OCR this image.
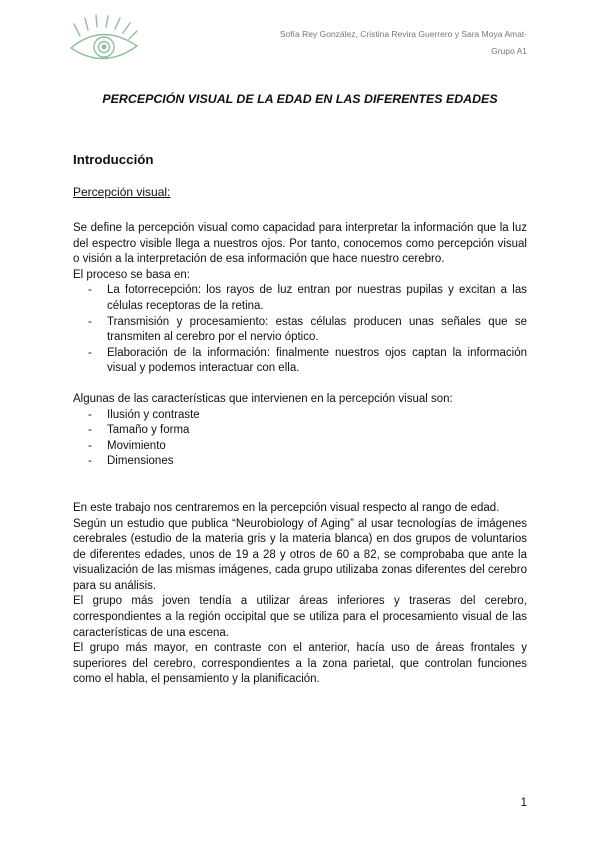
Sofía Rey González, Cristina Revira Guerrero y Sara Moya Amat-
Grupo A1
PERCEPCIÓN VISUAL DE LA EDAD EN LAS DIFERENTES EDADES
Introducción
Percepción visual:

Se define la percepción visual como capacidad para interpretar la información que la luz del espectro visible llega a nuestros ojos. Por tanto, conocemos como percepción visual o visión a la interpretación de esa información que hace nuestro cerebro.

El proceso se basa en:

- La fotorrecepción: los rayos de luz entran por nuestras pupilas y excitan a las células receptoras de la retina.
- Transmisión y procesamiento: estas células producen unas señales que se transmiten al cerebro por el nervio óptico.
- Elaboración de la información: finalmente nuestros ojos captan la información visual y podemos interactuar con ella.

Algunas de las características que intervienen en la percepción visual son:

- Ilusión y contraste
- Tamaño y forma
- Movimiento
- Dimensiones

En este trabajo nos centraremos en la percepción visual respecto al rango de edad.

Según un estudio que publica “Neurobiology of Aging” al usar tecnologías de imágenes cerebrales (estudio de la materia gris y la materia blanca) en dos grupos de voluntarios de diferentes edades, unos de 19 a 28 y otros de 60 a 82, se comprobaba que ante la visualización de las mismas imágenes, cada grupo utilizaba zonas diferentes del cerebro para su análisis.

El grupo más joven tendía a utilizar áreas inferiores y traseras del cerebro, correspondientes a la región occipital que se utiliza para el procesamiento visual de las características de una escena.

El grupo más mayor, en contraste con el anterior, hacía uso de áreas frontales y superiores del cerebro, correspondientes a la zona parietal, que controlan funciones como el habla, el pensamiento y la planificación.

1
